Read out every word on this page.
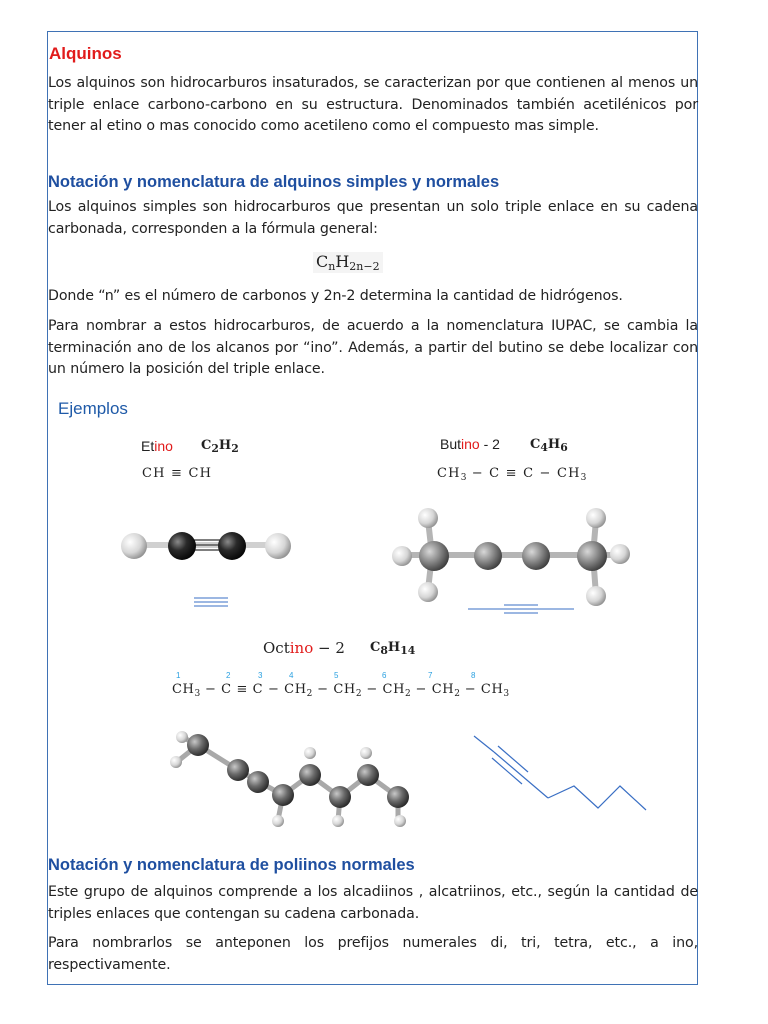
Alquinos
Los alquinos son hidrocarburos insaturados, se caracterizan por que contienen al menos un triple enlace carbono-carbono en su estructura. Denominados también acetilénicos por tener al etino o mas conocido como acetileno como el compuesto mas simple.
Notación y nomenclatura de alquinos simples y normales
Los alquinos simples son hidrocarburos que presentan un solo triple enlace en su cadena carbonada, corresponden a la fórmula general:
$C_nH_{2n-2}$
Donde “n” es el número de carbonos y 2n-2 determina la cantidad de hidrógenos.
Para nombrar a estos hidrocarburos, de acuerdo a la nomenclatura IUPAC, se cambia la terminación ano de los alcanos por “ino”. Además, a partir del butino se debe localizar con un número la posición del triple enlace.
Ejemplos
Etino $C_2H_2$
CH ≡ CH
Butino - 2 $C_4H_6$
$CH_3 - C \equiv C - CH_3$
Octino − 2 $C_8H_{14}$
1	2	3	4	5	6	7	8
$CH_3 - C \equiv C - CH_2 - CH_2 - CH_2 - CH_2 - CH_3$
Notación y nomenclatura de poliinos normales
Este grupo de alquinos comprende a los alcadiinos , alcatriinos, etc., según la cantidad de triples enlaces que contengan su cadena carbonada.
Para nombrarlos se anteponen los prefijos numerales di, tri, tetra, etc., a ino, respectivamente.
